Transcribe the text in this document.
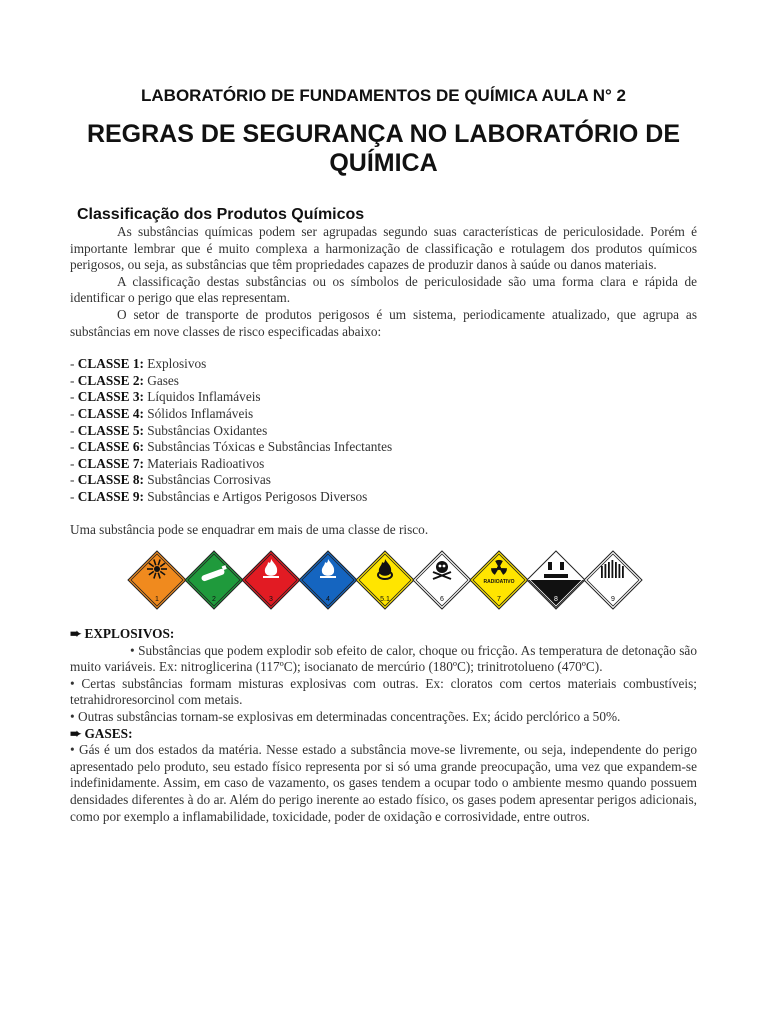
LABORATÓRIO DE FUNDAMENTOS DE QUÍMICA AULA N° 2
REGRAS DE SEGURANÇA NO LABORATÓRIO DE QUÍMICA
Classificação dos Produtos Químicos

As substâncias químicas podem ser agrupadas segundo suas características de periculosidade. Porém é importante lembrar que é muito complexa a harmonização de classificação e rotulagem dos produtos químicos perigosos, ou seja, as substâncias que têm propriedades capazes de produzir danos à saúde ou danos materiais.

A classificação destas substâncias ou os símbolos de periculosidade são uma forma clara e rápida de identificar o perigo que elas representam.

O setor de transporte de produtos perigosos é um sistema, periodicamente atualizado, que agrupa as substâncias em nove classes de risco especificadas abaixo:

- CLASSE 1: Explosivos
- CLASSE 2: Gases
- CLASSE 3: Líquidos Inflamáveis
- CLASSE 4: Sólidos Inflamáveis
- CLASSE 5: Substâncias Oxidantes
- CLASSE 6: Substâncias Tóxicas e Substâncias Infectantes
- CLASSE 7: Materiais Radioativos
- CLASSE 8: Substâncias Corrosivas
- CLASSE 9: Substâncias e Artigos Perigosos Diversos

Uma substância pode se enquadrar em mais de uma classe de risco.

1	2	3	4	5.1	6
RADIOATIVO
7	8	9

➨ EXPLOSIVOS:

• Substâncias que podem explodir sob efeito de calor, choque ou fricção. As temperatura de detonação são muito variáveis. Ex: nitroglicerina (117ºC); isocianato de mercúrio (180ºC); trinitrotolueno (470ºC).

• Certas substâncias formam misturas explosivas com outras. Ex: cloratos com certos materiais combustíveis; tetrahidroresorcinol com metais.

• Outras substâncias tornam-se explosivas em determinadas concentrações. Ex; ácido perclórico a 50%.

➨ GASES:

• Gás é um dos estados da matéria. Nesse estado a substância move-se livremente, ou seja, independente do perigo apresentado pelo produto, seu estado físico representa por si só uma grande preocupação, uma vez que expandem-se indefinidamente. Assim, em caso de vazamento, os gases tendem a ocupar todo o ambiente mesmo quando possuem densidades diferentes à do ar. Além do perigo inerente ao estado físico, os gases podem apresentar perigos adicionais, como por exemplo a inflamabilidade, toxicidade, poder de oxidação e corrosividade, entre outros.
